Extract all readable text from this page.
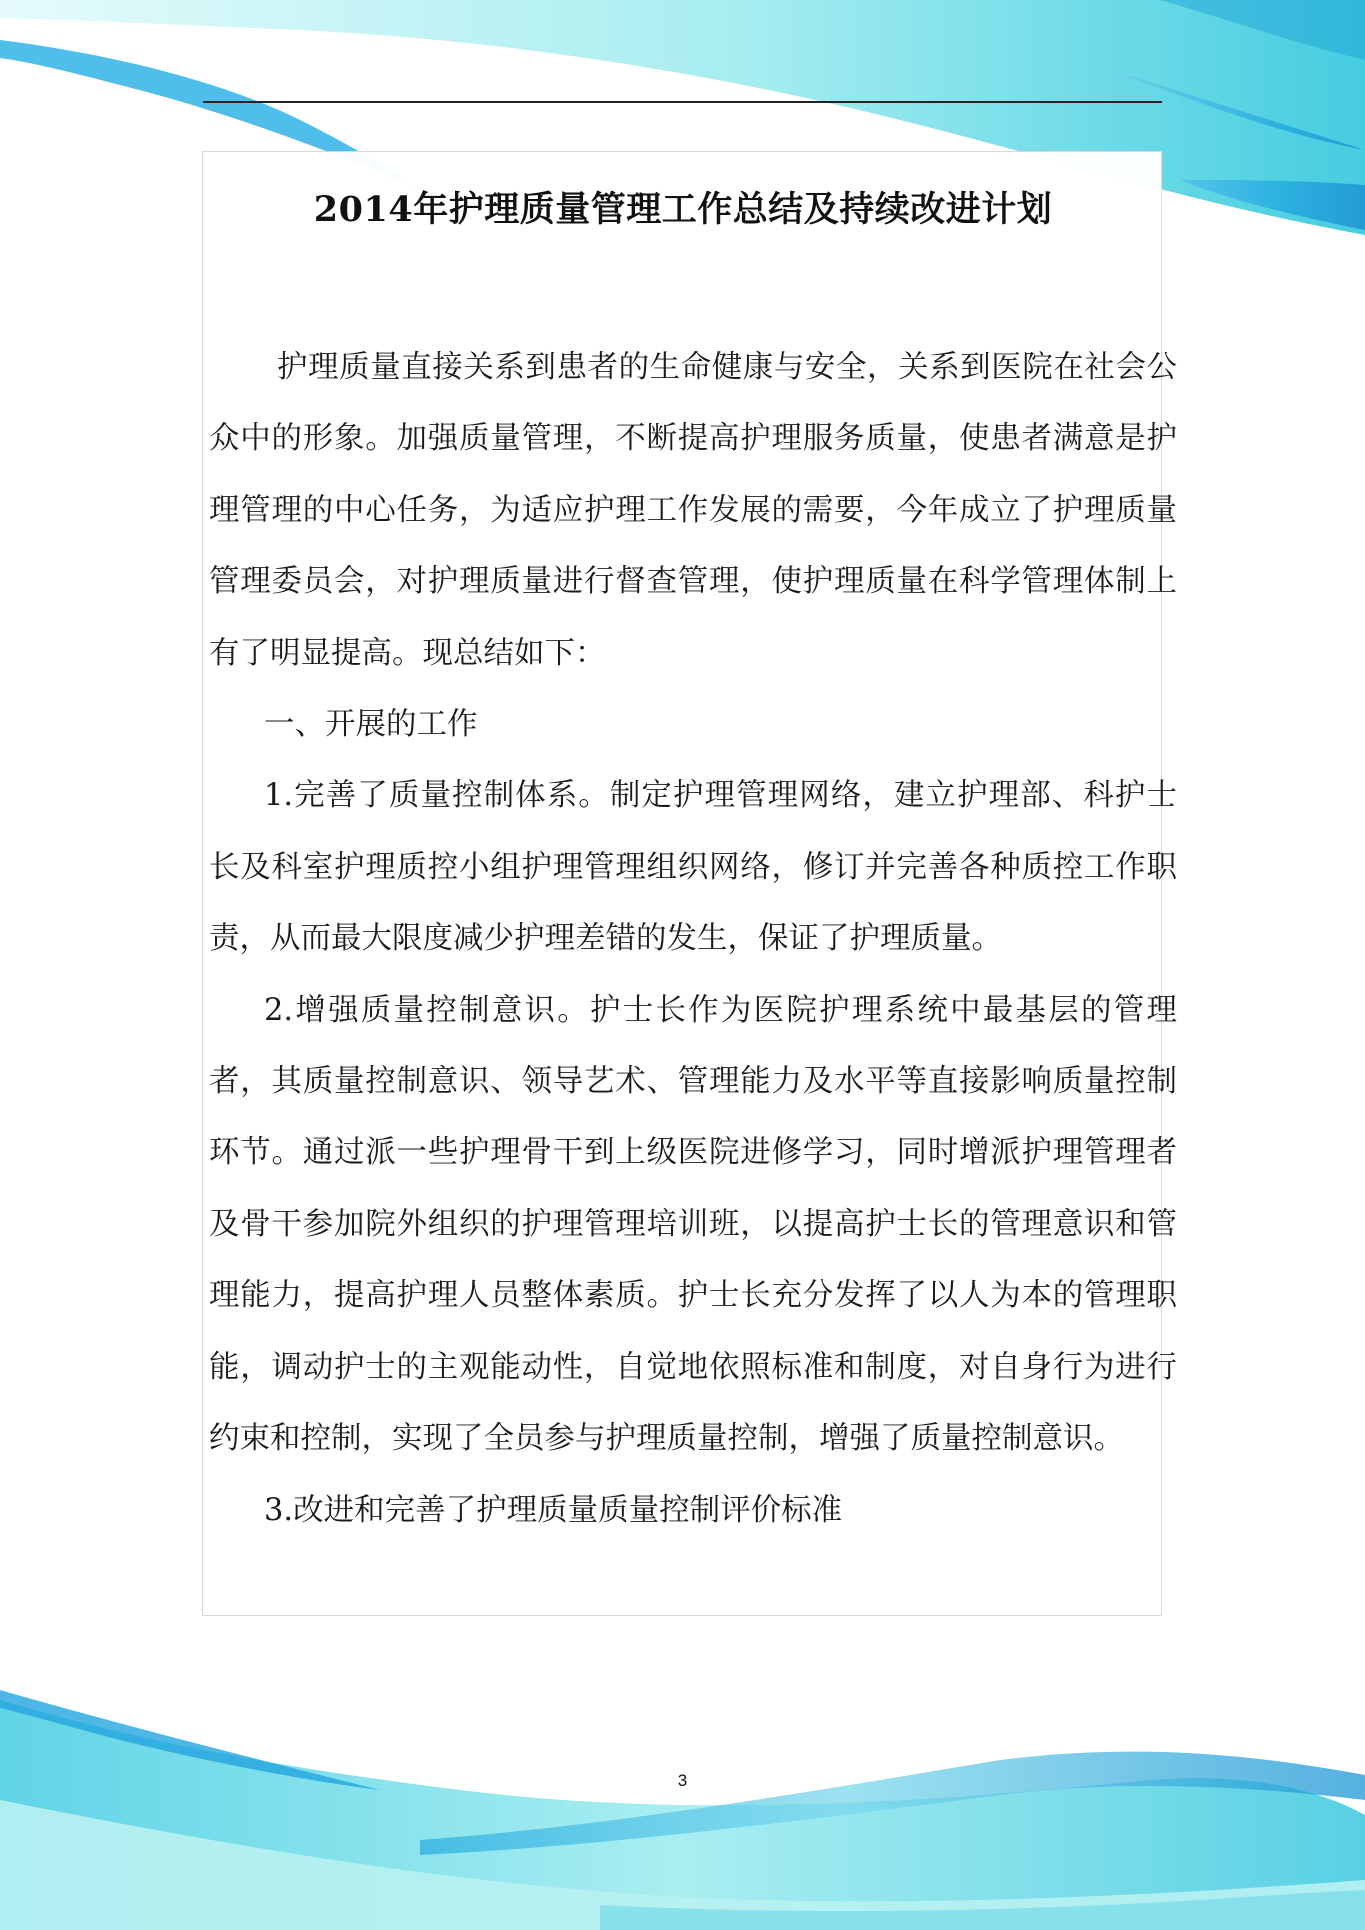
2014年护理质量管理工作总结及持续改进计划

护理质量直接关系到患者的生命健康与安全，关系到医院在社会公众中的形象。加强质量管理，不断提高护理服务质量，使患者满意是护理管理的中心任务，为适应护理工作发展的需要，今年成立了护理质量管理委员会，对护理质量进行督查管理，使护理质量在科学管理体制上有了明显提高。现总结如下：

一、开展的工作

1.完善了质量控制体系。制定护理管理网络，建立护理部、科护士长及科室护理质控小组护理管理组织网络，修订并完善各种质控工作职责，从而最大限度减少护理差错的发生，保证了护理质量。

2.增强质量控制意识。护士长作为医院护理系统中最基层的管理者，其质量控制意识、领导艺术、管理能力及水平等直接影响质量控制环节。通过派一些护理骨干到上级医院进修学习，同时增派护理管理者及骨干参加院外组织的护理管理培训班，以提高护士长的管理意识和管理能力，提高护理人员整体素质。护士长充分发挥了以人为本的管理职能，调动护士的主观能动性，自觉地依照标准和制度，对自身行为进行约束和控制，实现了全员参与护理质量控制，增强了质量控制意识。

3.改进和完善了护理质量质量控制评价标准

3
